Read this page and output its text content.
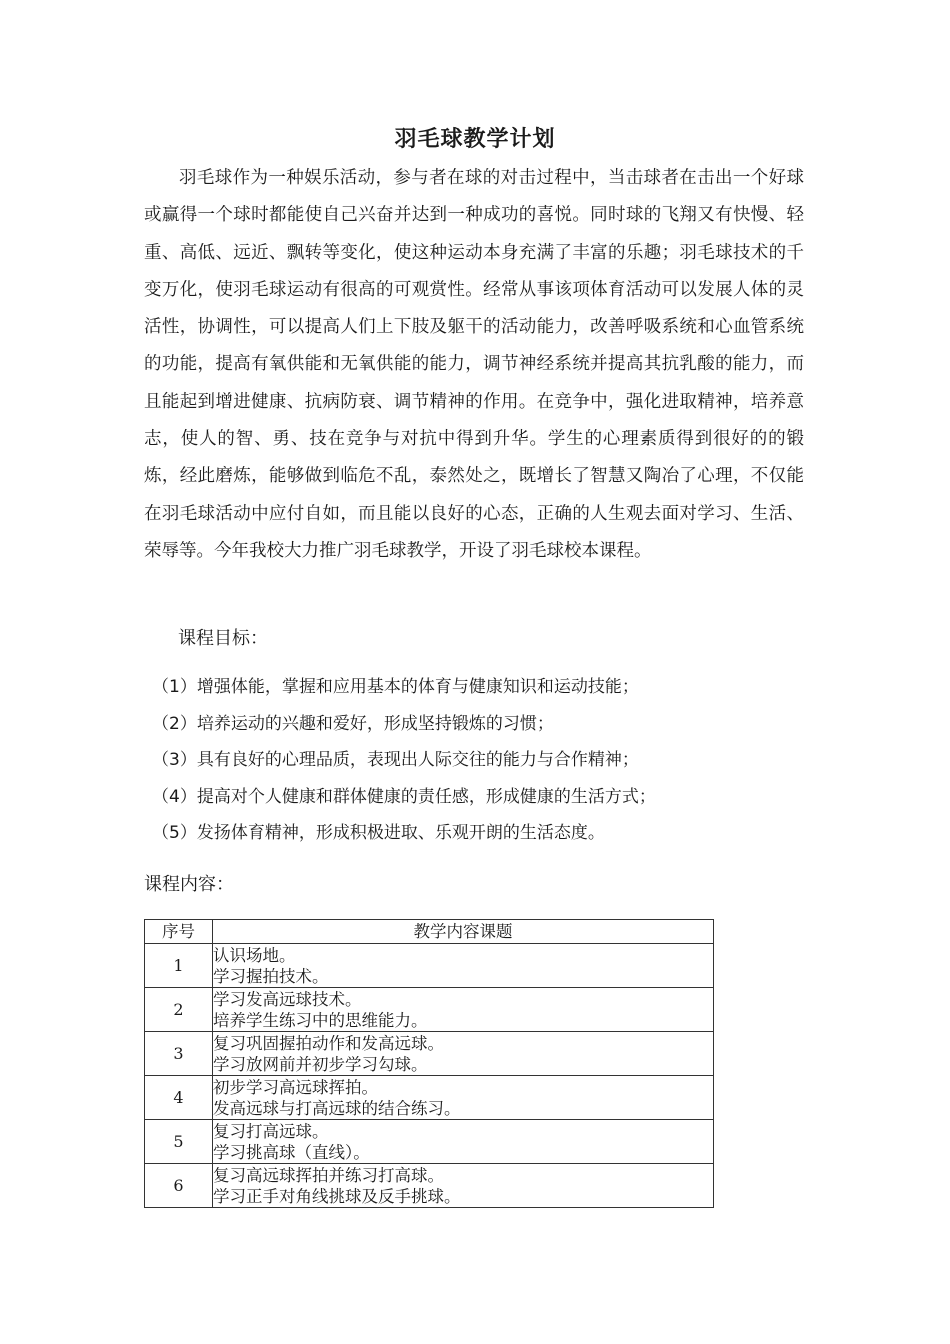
羽毛球教学计划
羽毛球作为一种娱乐活动，参与者在球的对击过程中，当击球者在击出一个好球或赢得一个球时都能使自己兴奋并达到一种成功的喜悦。同时球的飞翔又有快慢、轻重、高低、远近、飘转等变化，使这种运动本身充满了丰富的乐趣；羽毛球技术的千变万化，使羽毛球运动有很高的可观赏性。经常从事该项体育活动可以发展人体的灵活性，协调性，可以提高人们上下肢及躯干的活动能力，改善呼吸系统和心血管系统的功能，提高有氧供能和无氧供能的能力，调节神经系统并提高其抗乳酸的能力，而且能起到增进健康、抗病防衰、调节精神的作用。在竞争中，强化进取精神，培养意志，使人的智、勇、技在竞争与对抗中得到升华。学生的心理素质得到很好的的锻炼，经此磨炼，能够做到临危不乱，泰然处之，既增长了智慧又陶冶了心理，不仅能在羽毛球活动中应付自如，而且能以良好的心态，正确的人生观去面对学习、生活、荣辱等。今年我校大力推广羽毛球教学，开设了羽毛球校本课程。
课程目标：
（1）增强体能，掌握和应用基本的体育与健康知识和运动技能；
（2）培养运动的兴趣和爱好，形成坚持锻炼的习惯；
（3）具有良好的心理品质，表现出人际交往的能力与合作精神；
（4）提高对个人健康和群体健康的责任感，形成健康的生活方式；
（5）发扬体育精神，形成积极进取、乐观开朗的生活态度。
课程内容：
序号	教学内容课题
1	认识场地。
学习握拍技术。

2	学习发高远球技术。
培养学生练习中的思维能力。

3	复习巩固握拍动作和发高远球。
学习放网前并初步学习勾球。

4	初步学习高远球挥拍。
发高远球与打高远球的结合练习。

5	复习打高远球。
学习挑高球（直线）。

6	复习高远球挥拍并练习打高球。
学习正手对角线挑球及反手挑球。
